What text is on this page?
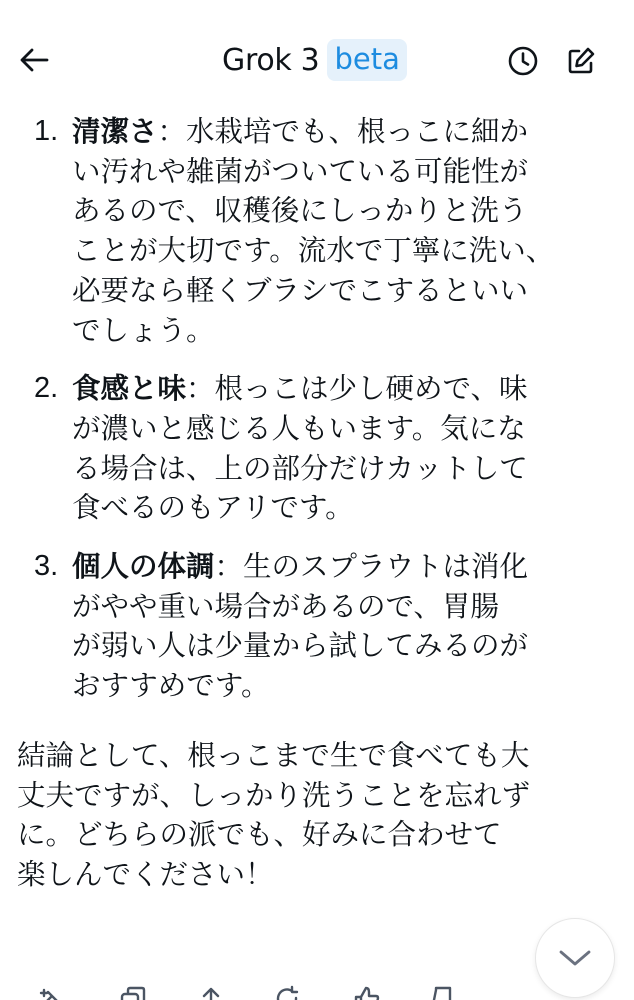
Grok 3 beta
1. 清潔さ：水栽培でも、根っこに細か
い汚れや雑菌がついている可能性が
あるので、収穫後にしっかりと洗う
ことが大切です。流水で丁寧に洗い、
必要なら軽くブラシでこするといい
でしょう。
2. 食感と味：根っこは少し硬めで、味
が濃いと感じる人もいます。気にな
る場合は、上の部分だけカットして
食べるのもアリです。
3. 個人の体調：生のスプラウトは消化
がやや重い場合があるので、胃腸
が弱い人は少量から試してみるのが
おすすめです。
結論として、根っこまで生で食べても大
丈夫ですが、しっかり洗うことを忘れず
に。どちらの派でも、好みに合わせて
楽しんでください！
